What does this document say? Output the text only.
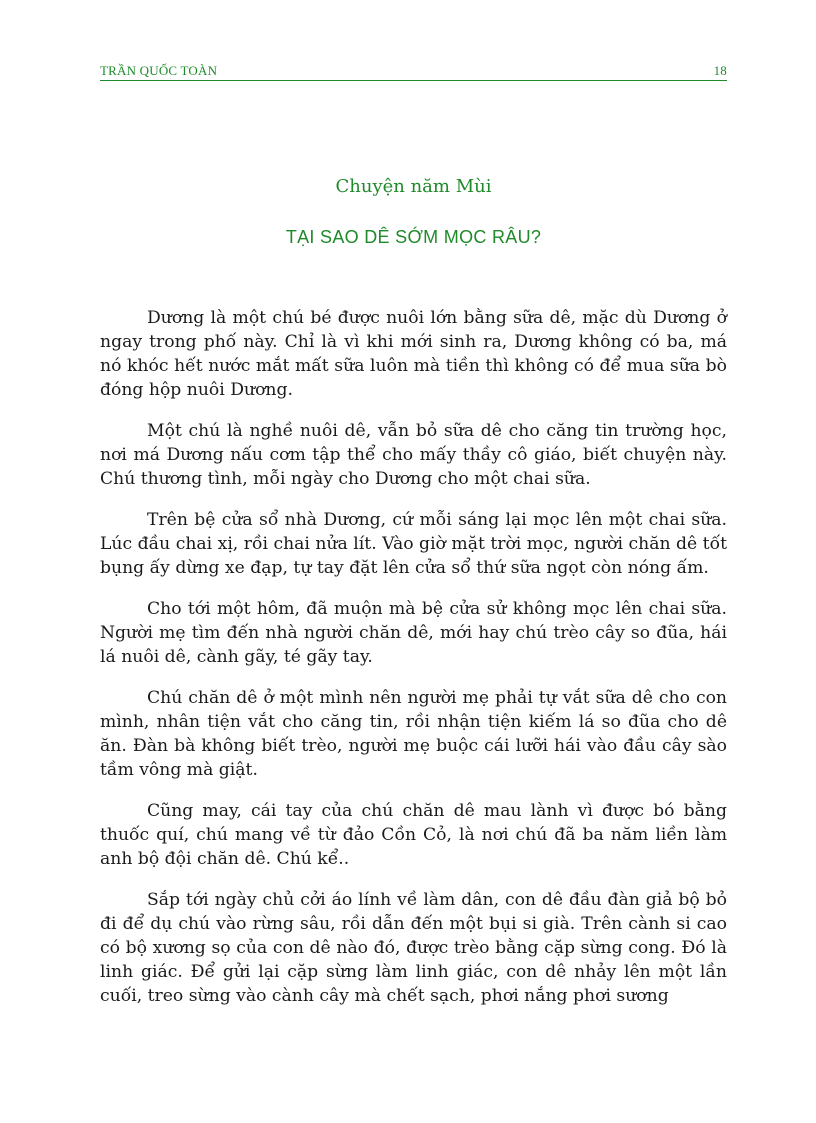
TRẦN QUỐC TOÀN	18
Chuyện năm Mùi
TẠI SAO DÊ SỚM MỌC RÂU?

Dương là một chú bé được nuôi lớn bằng sữa dê, mặc dù Dương ở ngay trong phố này. Chỉ là vì khi mới sinh ra, Dương không có ba, má nó khóc hết nước mắt mất sữa luôn mà tiền thì không có để mua sữa bò đóng hộp nuôi Dương.

Một chú là nghề nuôi dê, vẫn bỏ sữa dê cho căng tin trường học, nơi má Dương nấu cơm tập thể cho mấy thầy cô giáo, biết chuyện này. Chú thương tình, mỗi ngày cho Dương cho một chai sữa.

Trên bệ cửa sổ nhà Dương, cứ mỗi sáng lại mọc lên một chai sữa. Lúc đầu chai xị, rồi chai nửa lít. Vào giờ mặt trời mọc, người chăn dê tốt bụng ấy dừng xe đạp, tự tay đặt lên cửa sổ thứ sữa ngọt còn nóng ấm.

Cho tới một hôm, đã muộn mà bệ cửa sử không mọc lên chai sữa. Người mẹ tìm đến nhà người chăn dê, mới hay chú trèo cây so đũa, hái lá nuôi dê, cành gãy, té gãy tay.

Chú chăn dê ở một mình nên người mẹ phải tự vắt sữa dê cho con mình, nhân tiện vắt cho căng tin, rồi nhận tiện kiếm lá so đũa cho dê ăn. Đàn bà không biết trèo, người mẹ buộc cái lưỡi hái vào đầu cây sào tầm vông mà giật.

Cũng may, cái tay của chú chăn dê mau lành vì được bó bằng thuốc quí, chú mang về từ đảo Cồn Cỏ, là nơi chú đã ba năm liền làm anh bộ đội chăn dê. Chú kể..

Sắp tới ngày chủ cởi áo lính về làm dân, con dê đầu đàn giả bộ bỏ đi để dụ chú vào rừng sâu, rồi dẫn đến một bụi si già. Trên cành si cao có bộ xương sọ của con dê nào đó, được trèo bằng cặp sừng cong. Đó là linh giác. Để gửi lại cặp sừng làm linh giác, con dê nhảy lên một lần cuối, treo sừng vào cành cây mà chết sạch, phơi nắng phơi sương
